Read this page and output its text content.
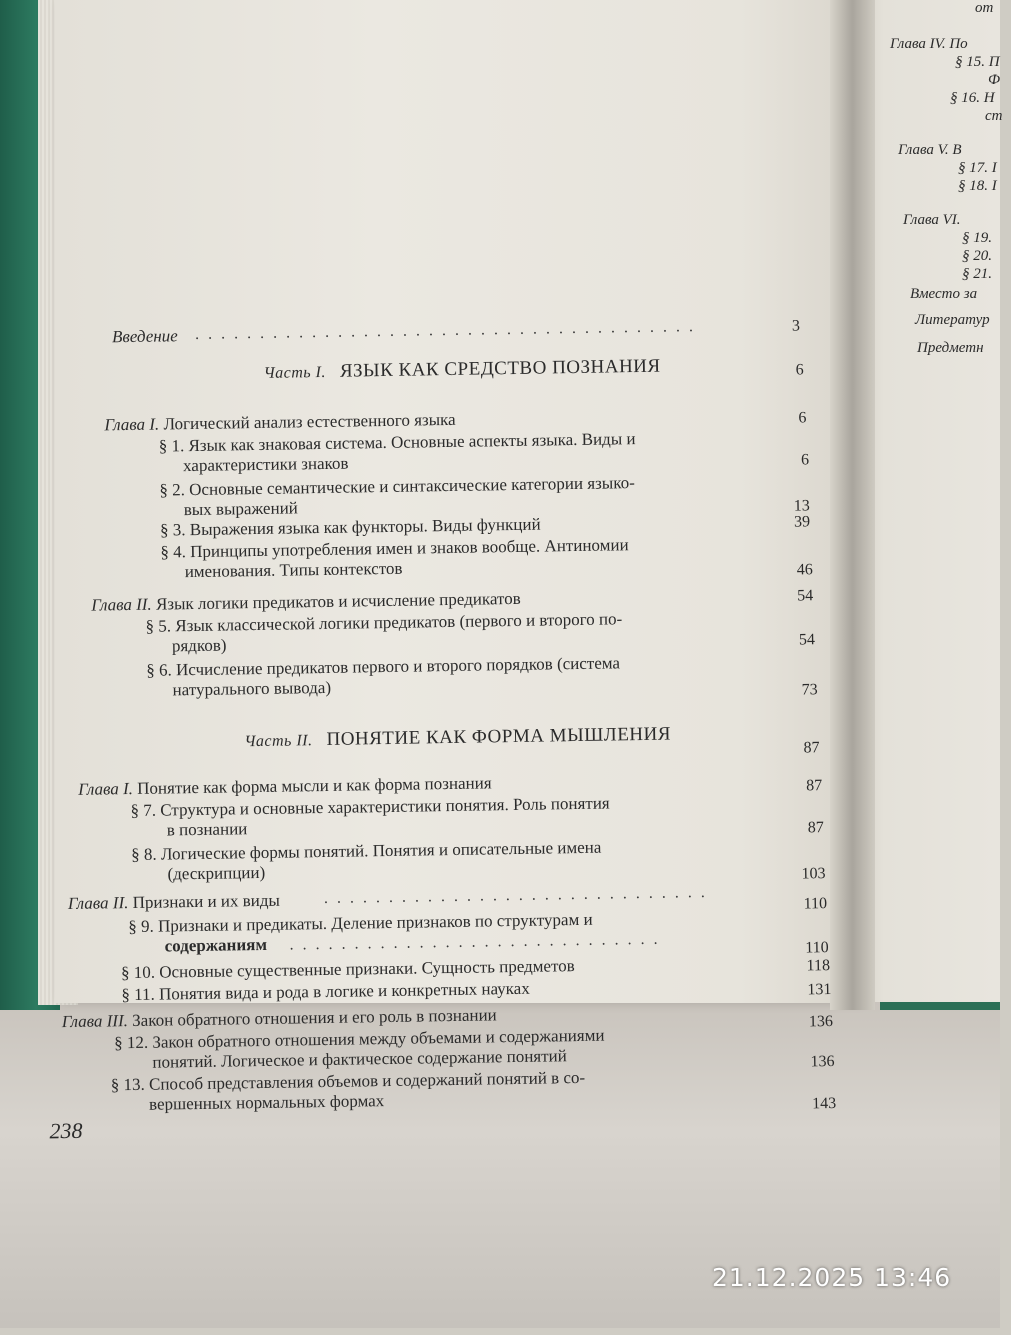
Введение .......................................	3
Часть I. ЯЗЫК КАК СРЕДСТВО ПОЗНАНИЯ	6
Глава I. Логический анализ естественного языка	6
§ 1. Язык как знаковая система. Основные аспекты языка. Виды и
характеристики знаков	6
§ 2. Основные семантические и синтаксические категории языко-
вых выражений	13
§ 3. Выражения языка как функторы. Виды функций	39
§ 4. Принципы употребления имен и знаков вообще. Антиномии
именования. Типы контекстов	46
Глава II. Язык логики предикатов и исчисление предикатов	54
§ 5. Язык классической логики предикатов (первого и второго по-
рядков)	54
§ 6. Исчисление предикатов первого и второго порядков (система
натурального вывода)	73
Часть II. ПОНЯТИЕ КАК ФОРМА МЫШЛЕНИЯ	87
Глава I. Понятие как форма мысли и как форма познания	87
§ 7. Структура и основные характеристики понятия. Роль понятия
в познании	87
§ 8. Логические формы понятий. Понятия и описательные имена
(дескрипции)	103
Глава II. Признаки и их виды	..............................	110
§ 9. Признаки и предикаты. Деление признаков по структурам и
содержаниям .............................	110
§ 10. Основные существенные признаки. Сущность предметов	118
§ 11. Понятия вида и рода в логике и конкретных науках	131
Глава III. Закон обратного отношения и его роль в познании	136
§ 12. Закон обратного отношения между объемами и содержаниями
понятий. Логическое и фактическое содержание понятий	136
§ 13. Способ представления объемов и содержаний понятий в со-
вершенных нормальных формах	143
238
от
Глава IV. По
§ 15. П
Ф
§ 16. Н
ст
Глава V. В
§ 17. І
§ 18. І
Глава VI.
§ 19.
§ 20.
§ 21.
Вместо за
Литератур
Предметн
21.12.2025 13:46
